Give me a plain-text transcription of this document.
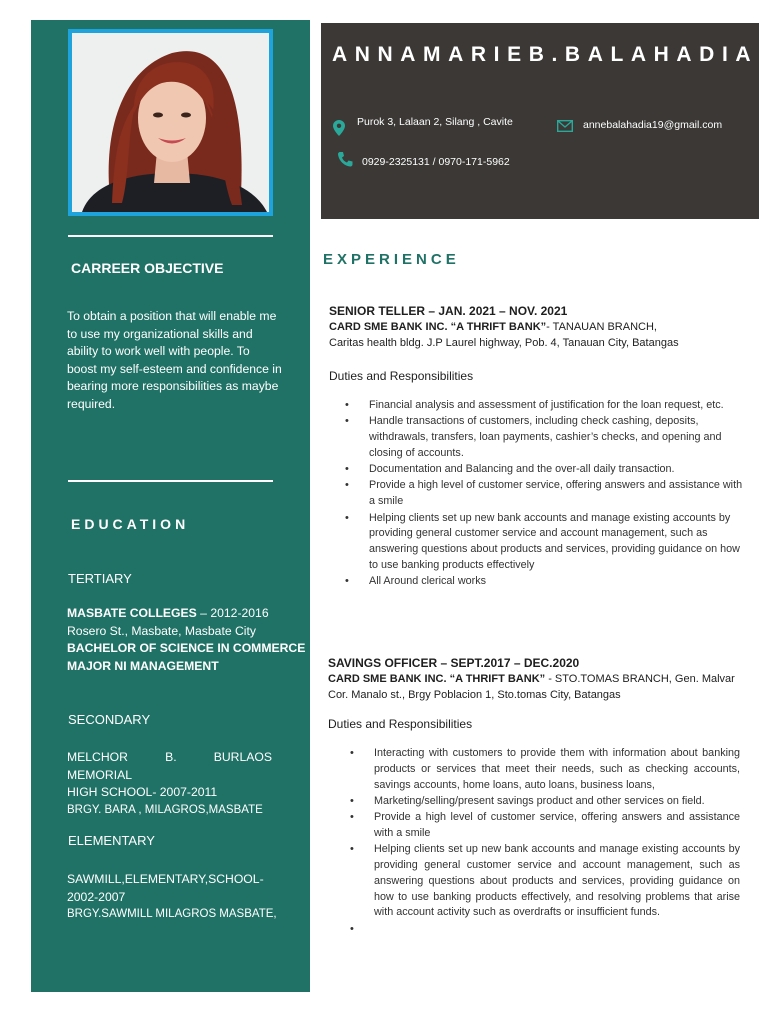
CARREER OBJECTIVE
To obtain a position that will enable me to use my organizational skills and ability to work well with people. To boost my self-esteem and confidence in bearing more responsibilities as maybe required.
EDUCATION
TERTIARY
MASBATE COLLEGES – 2012-2016
Rosero St., Masbate, Masbate City
BACHELOR OF SCIENCE IN COMMERCE
MAJOR NI MANAGEMENT
SECONDARY
MELCHOR B. BURLAOS MEMORIAL
HIGH SCHOOL- 2007-2011
BRGY. BARA , MILAGROS,MASBATE
ELEMENTARY
SAWMILL,ELEMENTARY,SCHOOL-
2002-2007
BRGY.SAWMILL MILAGROS MASBATE,
ANNAMARIEB.BALAHADIA
Purok 3, Lalaan 2, Silang , Cavite	annebalahadia19@gmail.com
0929-2325131 / 0970-171-5962
EXPERIENCE
SENIOR TELLER – JAN. 2021 – NOV. 2021
CARD SME BANK INC. “A THRIFT BANK”- TANAUAN BRANCH,
Caritas health bldg. J.P Laurel highway, Pob. 4, Tanauan City, Batangas
Duties and Responsibilities
• Financial analysis and assessment of justification for the loan request, etc.
• Handle transactions of customers, including check cashing, deposits, withdrawals, transfers, loan payments, cashier’s checks, and opening and closing of accounts.
• Documentation and Balancing and the over-all daily transaction.
• Provide a high level of customer service, offering answers and assistance with a smile
• Helping clients set up new bank accounts and manage existing accounts by providing general customer service and account management, such as answering questions about products and services, providing guidance on how to use banking products effectively
• All Around clerical works
SAVINGS OFFICER – SEPT.2017 – DEC.2020
CARD SME BANK INC. “A THRIFT BANK” - STO.TOMAS BRANCH, Gen. Malvar
Cor. Manalo st., Brgy Poblacion 1, Sto.tomas City, Batangas
Duties and Responsibilities
• Interacting with customers to provide them with information about banking products or services that meet their needs, such as checking accounts, savings accounts, home loans, auto loans, business loans,
• Marketing/selling/present savings product and other services on field.
• Provide a high level of customer service, offering answers and assistance with a smile
• Helping clients set up new bank accounts and manage existing accounts by providing general customer service and account management, such as answering questions about products and services, providing guidance on how to use banking products effectively, and resolving problems that arise with account activity such as overdrafts or insufficient funds.
•
